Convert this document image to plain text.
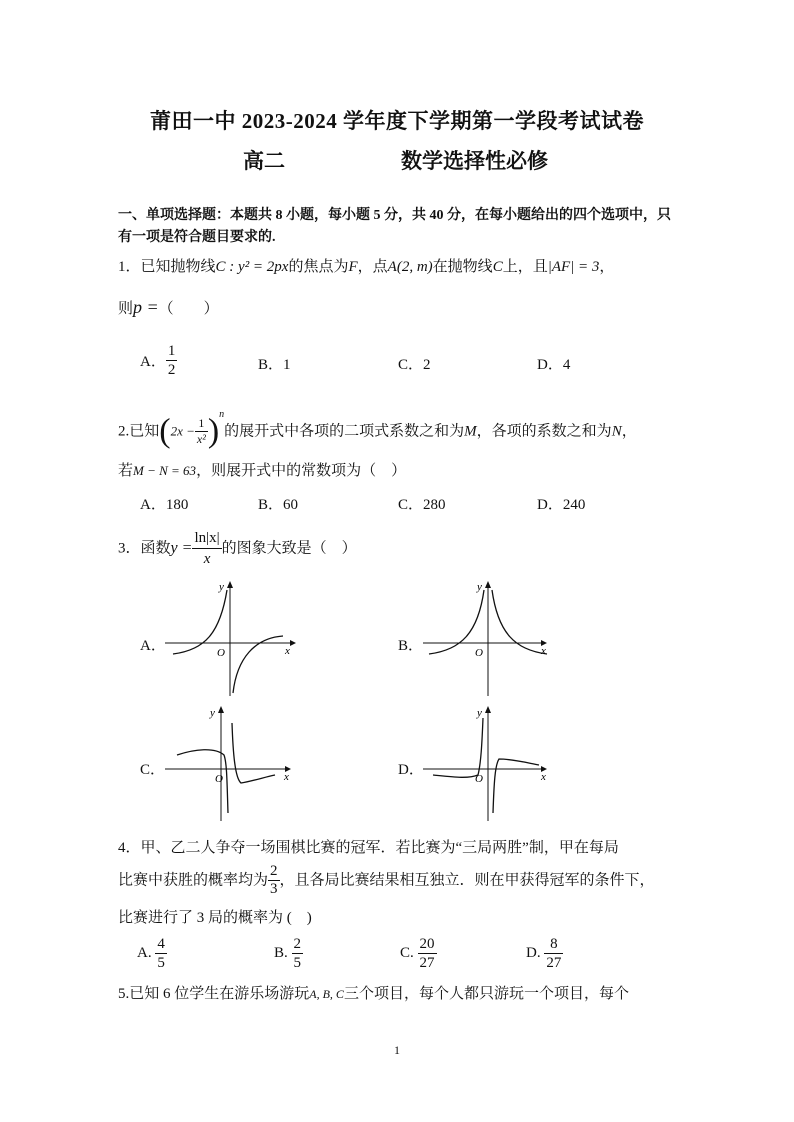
莆田一中 2023-2024 学年度下学期第一学段考试试卷
高二	数学选择性必修
一、单项选择题：本题共 8 小题，每小题 5 分，共 40 分，在每小题给出的四个选项中，只有一项是符合题目要求的.
1．已知抛物线C : y² = 2px的焦点为F，点A(2, m)在抛物线C上，且|AF| = 3，
则p =（　　）
A． $\frac{1}{2}$	B．1	C．2	D．4
2.已知$(2x - \frac{1}{\text{x²}} )^n$的展开式中各项的二项式系数之和为M，各项的系数之和为N，
若M − N = 63，则展开式中的常数项为（　）
A．180	B．60	C．280	D．240
3．函数$y = \frac{\ln|x|}{x}$ 的图象大致是（　）
A．	B．
C．	D．
O	x
y
O	x
y
O	x
y
O	x
y
4．甲、乙二人争夺一场围棋比赛的冠军．若比赛为“三局两胜”制，甲在每局
比赛中获胜的概率均为 $\frac{2}{3}$ ，且各局比赛结果相互独立．则在甲获得冠军的条件下，
比赛进行了 3 局的概率为 (　)
A. $\frac{4}{5}$	B. $\frac{2}{5}$	C. $\frac{20}{27}$	D. $\frac{8}{27}$
5.已知 6 位学生在游乐场游玩A, B, C三个项目，每个人都只游玩一个项目，每个
1
